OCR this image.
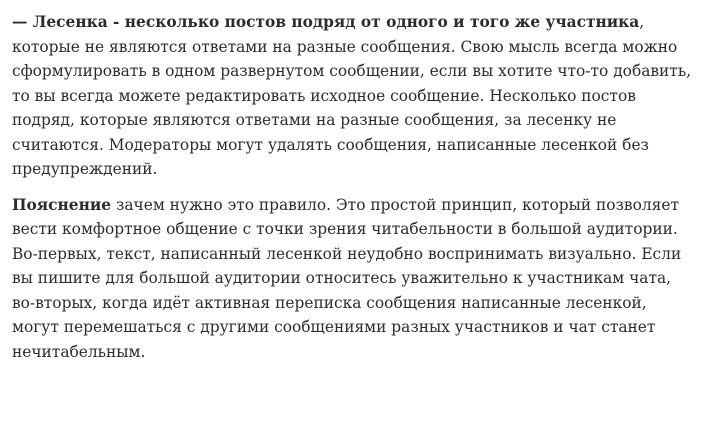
— Лесенка - несколько постов подряд от одного и того же участника, которые не являются ответами на разные сообщения. Свою мысль всегда можно сформулировать в одном развернутом сообщении, если вы хотите что-то добавить, то вы всегда можете редактировать исходное сообщение. Несколько постов подряд, которые являются ответами на разные сообщения, за лесенку не считаются. Модераторы могут удалять сообщения, написанные лесенкой без предупреждений.

Пояснение зачем нужно это правило. Это простой принцип, который позволяет вести комфортное общение с точки зрения читабельности в большой аудитории. Во-первых, текст, написанный лесенкой неудобно воспринимать визуально. Если вы пишите для большой аудитории относитесь уважительно к участникам чата, во-вторых, когда идёт активная переписка сообщения написанные лесенкой, могут перемешаться с другими сообщениями разных участников и чат станет нечитабельным.
